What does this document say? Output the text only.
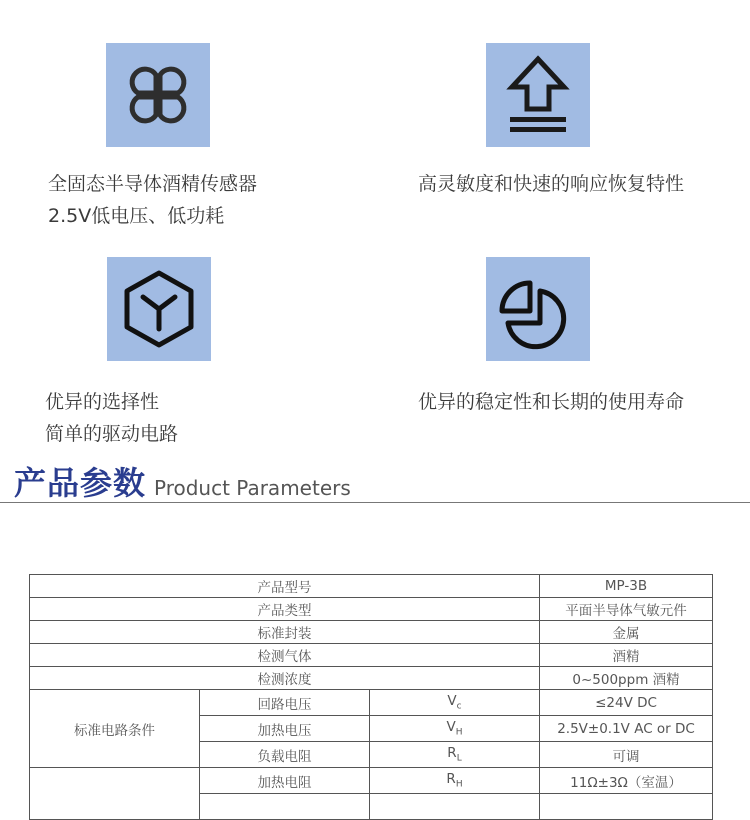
全固态半导体酒精传感器
2.5V低电压、低功耗
高灵敏度和快速的响应恢复特性
优异的选择性
简单的驱动电路
优异的稳定性和长期的使用寿命
产品参数 Product Parameters
产品型号			MP-3B
产品类型			平面半导体气敏元件
标准封装			金属
检测气体			酒精
检测浓度			0~500ppm 酒精
标准电路条件	回路电压	$V_c$	≤24V DC
	加热电压	$V_H$	2.5V±0.1V AC or DC
	负载电阻	$R_L$	可调
	加热电阻	$R_H$	11Ω±3Ω（室温）
